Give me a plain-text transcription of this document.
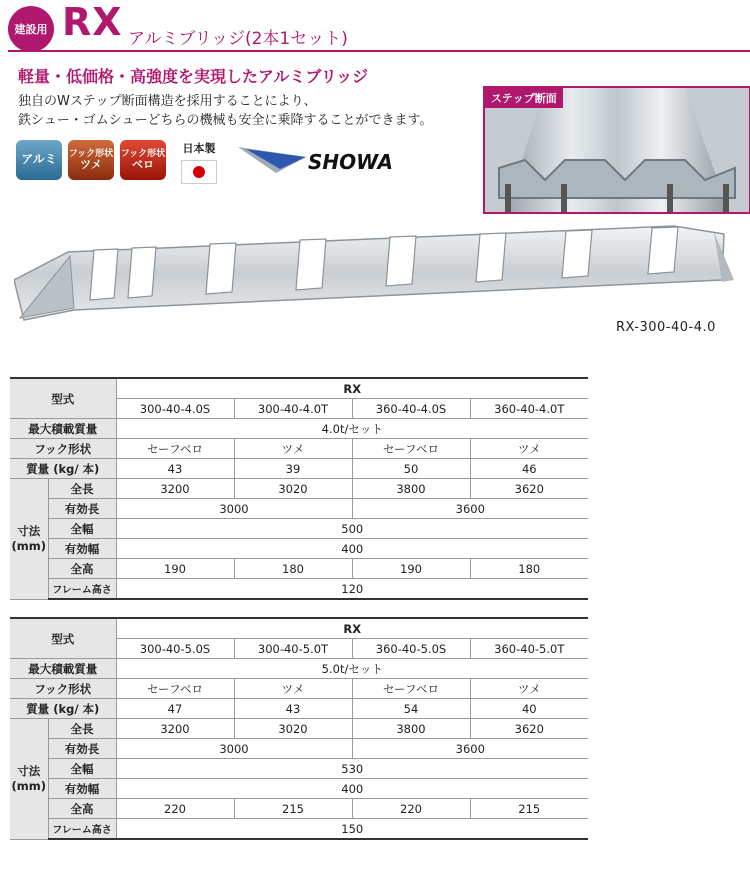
建設用 RX アルミブリッジ(2本1セット)
軽量・低価格・高強度を実現したアルミブリッジ
独自のWステップ断面構造を採用することにより、
鉄シュー・ゴムシューどちらの機械も安全に乗降することができます。
アルミ フック形状
ツメ
フック形状
ベロ
日本製
SHOWA
ステップ断面
RX-300-40-4.0
型式		RX			
		300-40-4.0S	300-40-4.0T	360-40-4.0S	360-40-4.0T
最大積載質量		4.0t/セット			
フック形状		セーフベロ	ツメ	セーフベロ	ツメ
質量 (kg/ 本)		43	39	50	46
寸法
(mm)	全長	3200	3020	3800	3620
	有効長	3000		3600	
	全幅	500			
	有効幅	400			
	全高	190	180	190	180
	フレーム高さ	120			
型式		RX			
		300-40-5.0S	300-40-5.0T	360-40-5.0S	360-40-5.0T
最大積載質量		5.0t/セット			
フック形状		セーフベロ	ツメ	セーフベロ	ツメ
質量 (kg/ 本)		47	43	54	40
寸法
(mm)	全長	3200	3020	3800	3620
	有効長	3000		3600	
	全幅	530			
	有効幅	400			
	全高	220	215	220	215
	フレーム高さ	150			
